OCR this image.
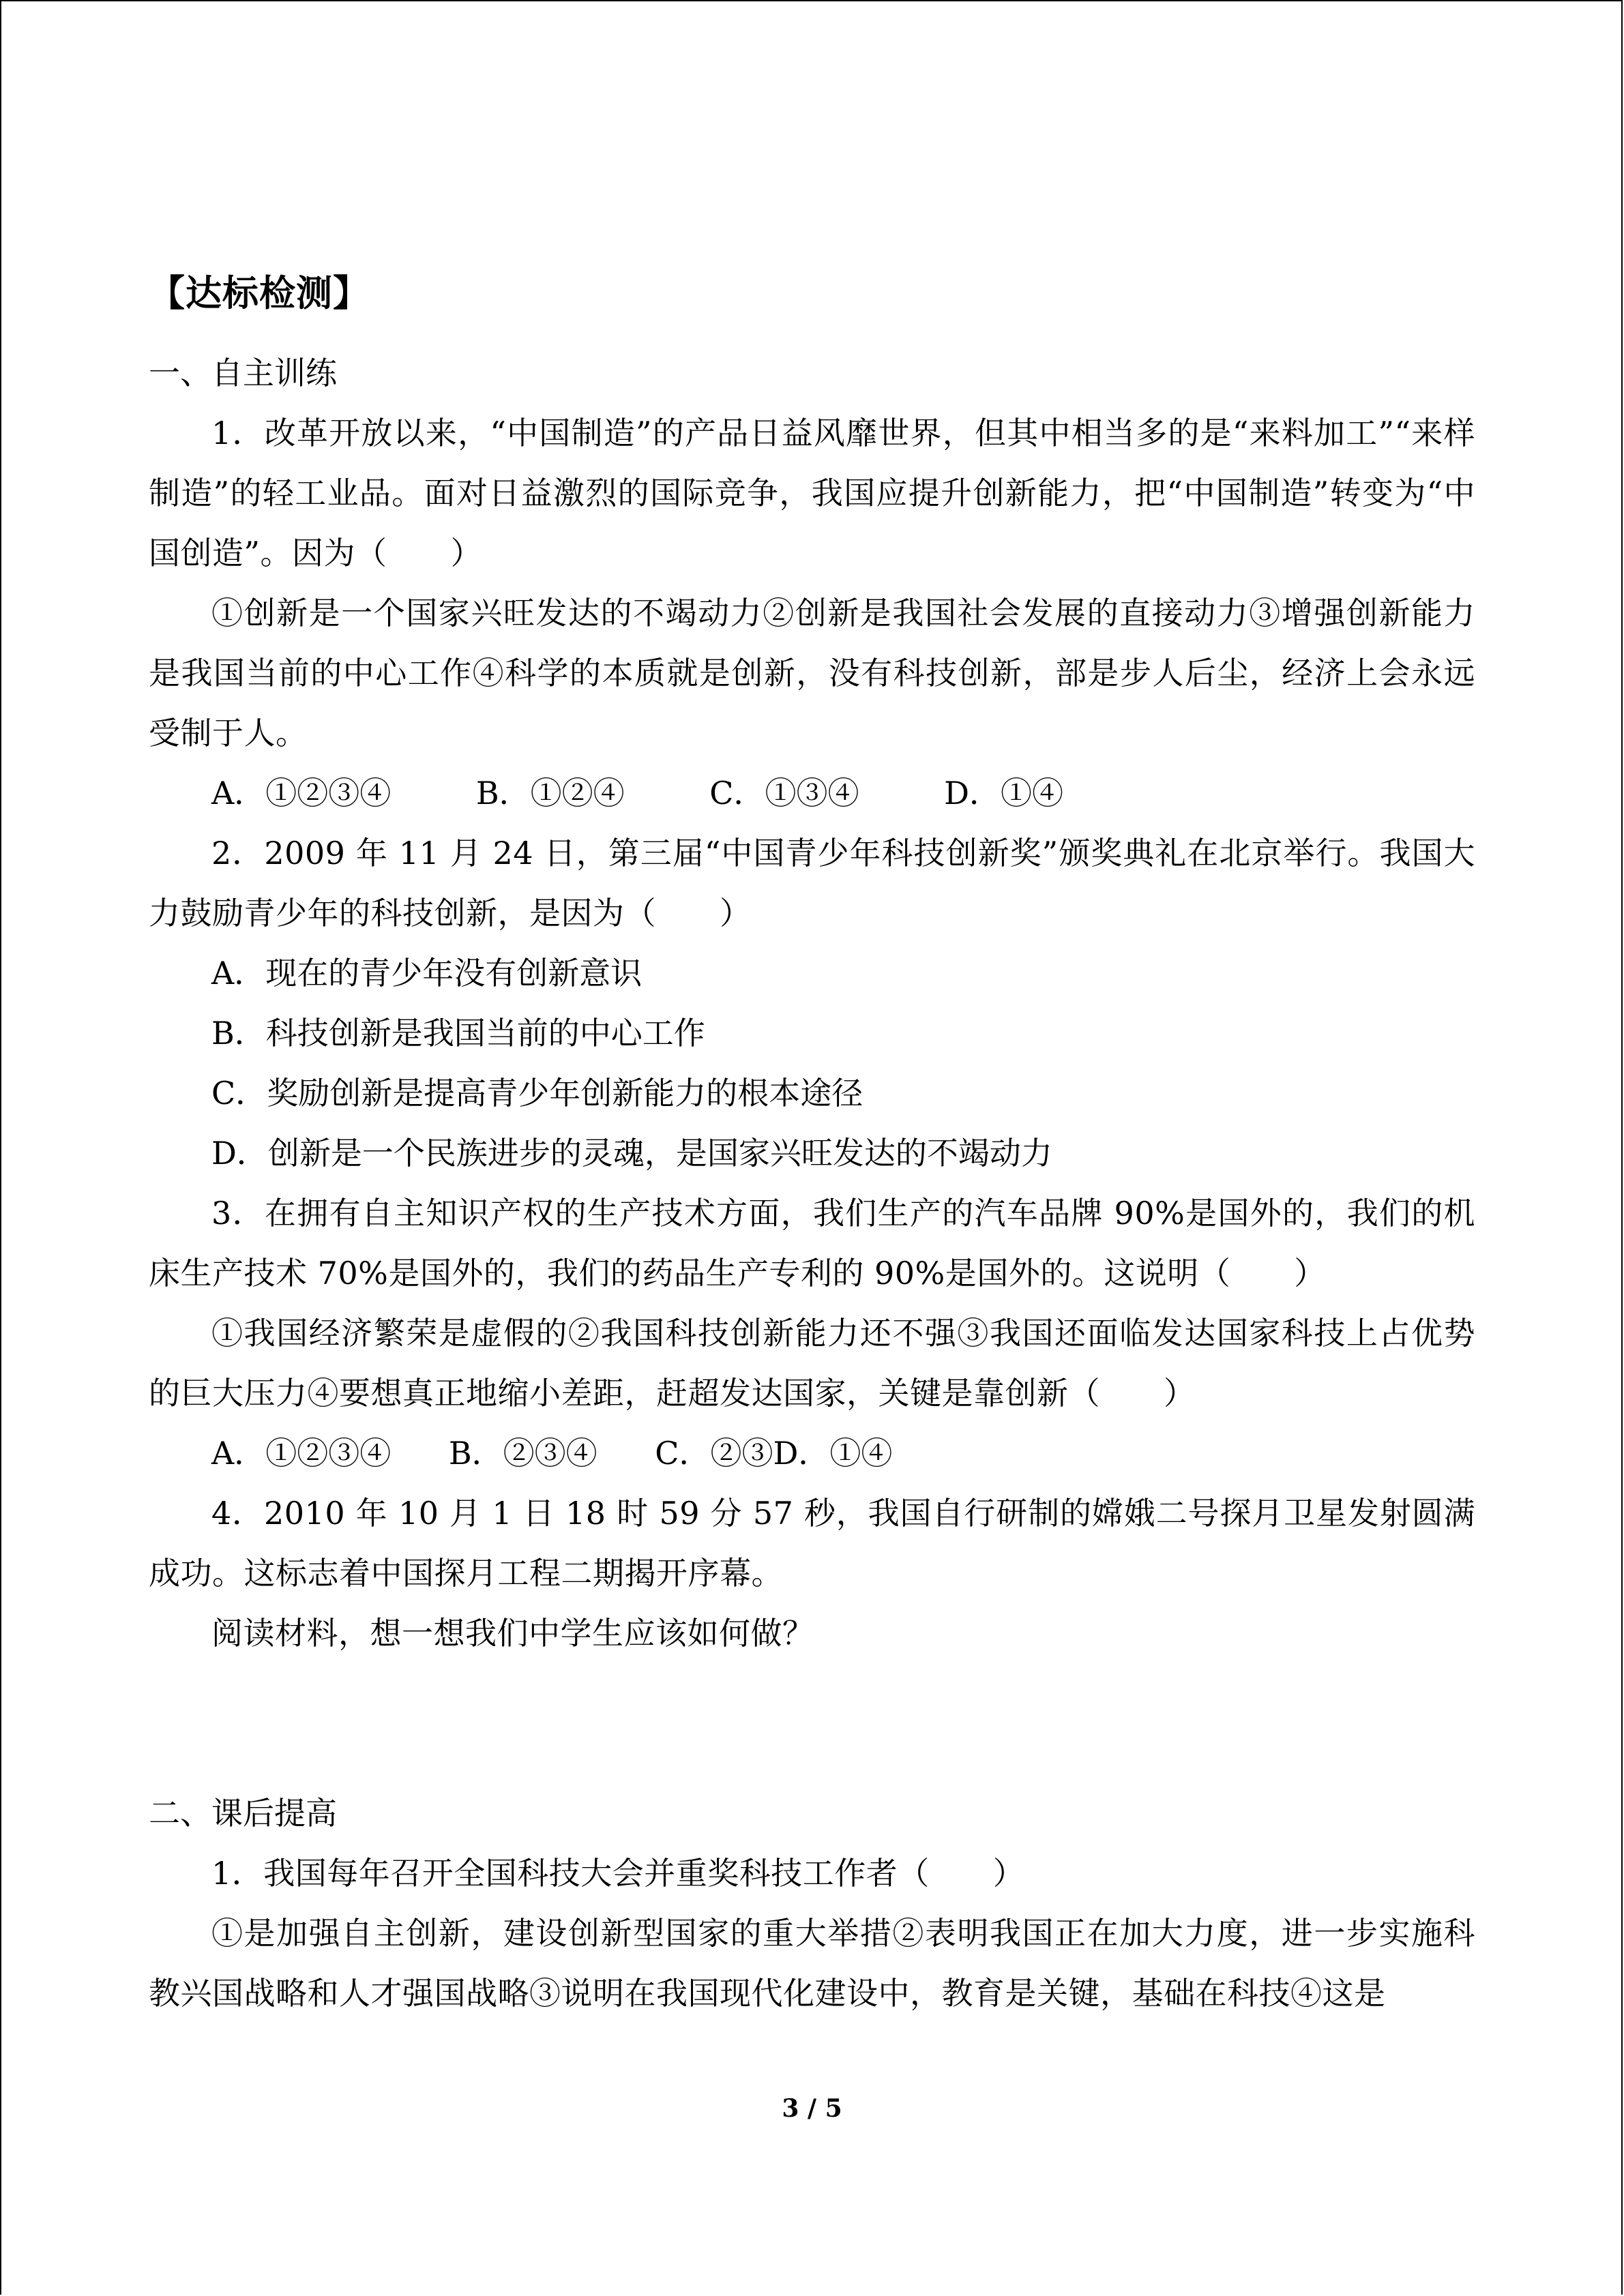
【达标检测】
一、自主训练

1．改革开放以来，“中国制造”的产品日益风靡世界，但其中相当多的是“来料加工”“来样制造”的轻工业品。面对日益激烈的国际竞争，我国应提升创新能力，把“中国制造”转变为“中国创造”。因为（　　）

①创新是一个国家兴旺发达的不竭动力②创新是我国社会发展的直接动力③增强创新能力是我国当前的中心工作④科学的本质就是创新，没有科技创新，部是步人后尘，经济上会永远受制于人。

A．①②③④	B．①②④	C．①③④	D．①④

2．2009 年 11 月 24 日，第三届“中国青少年科技创新奖”颁奖典礼在北京举行。我国大力鼓励青少年的科技创新，是因为（　　）

A．现在的青少年没有创新意识
B．科技创新是我国当前的中心工作
C．奖励创新是提高青少年创新能力的根本途径
D．创新是一个民族进步的灵魂，是国家兴旺发达的不竭动力

3．在拥有自主知识产权的生产技术方面，我们生产的汽车品牌 90%是国外的，我们的机床生产技术 70%是国外的，我们的药品生产专利的 90%是国外的。这说明（　　）

①我国经济繁荣是虚假的②我国科技创新能力还不强③我国还面临发达国家科技上占优势的巨大压力④要想真正地缩小差距，赶超发达国家，关键是靠创新（　　）

A．①②③④ B．②③④ C．②③D．①④

4．2010 年 10 月 1 日 18 时 59 分 57 秒，我国自行研制的嫦娥二号探月卫星发射圆满成功。这标志着中国探月工程二期揭开序幕。

阅读材料，想一想我们中学生应该如何做？

二、课后提高

1．我国每年召开全国科技大会并重奖科技工作者（　　）

①是加强自主创新，建设创新型国家的重大举措②表明我国正在加大力度，进一步实施科教兴国战略和人才强国战略③说明在我国现代化建设中，教育是关键，基础在科技④这是

3 / 5
